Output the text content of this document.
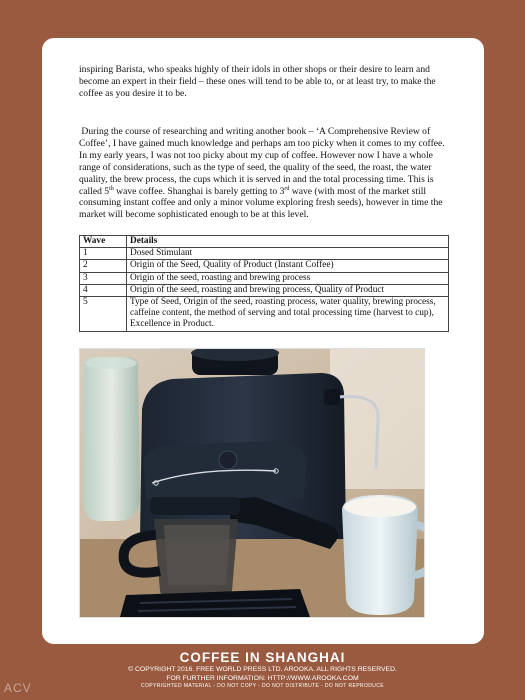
inspiring Barista, who speaks highly of their idols in other shops or their desire to learn and become an expert in their field – these ones will tend to be able to, or at least try, to make the coffee as you desire it to be.

During the course of researching and writing another book – ‘A Comprehensive Review of Coffee’, I have gained much knowledge and perhaps am too picky when it comes to my coffee. In my early years, I was not too picky about my cup of coffee. However now I have a whole range of considerations, such as the type of seed, the quality of the seed, the roast, the water quality, the brew process, the cups which it is served in and the total processing time. This is called 5th wave coffee. Shanghai is barely getting to 3rd wave (with most of the market still consuming instant coffee and only a minor volume exploring fresh seeds), however in time the market will become sophisticated enough to be at this level.

Wave	Details
1	Dosed Stimulant
2	Origin of the Seed, Quality of Product (Instant Coffee)
3	Origin of the seed, roasting and brewing process
4	Origin of the seed, roasting and brewing process, Quality of Product
5	Type of Seed, Origin of the seed, roasting process, water quality, brewing process, caffeine content, the method of serving and total processing time (harvest to cup), Excellence in Product.
COFFEE IN SHANGHAI
© COPYRIGHT 2016. FREE WORLD PRESS LTD. AROOKA. ALL RIGHTS RESERVED.
FOR FURTHER INFORMATION: HTTP://WWW.AROOKA.COM
COPYRIGHTED MATERIAL - DO NOT COPY - DO NOT DISTRIBUTE - DO NOT REPRODUCE
ACV
